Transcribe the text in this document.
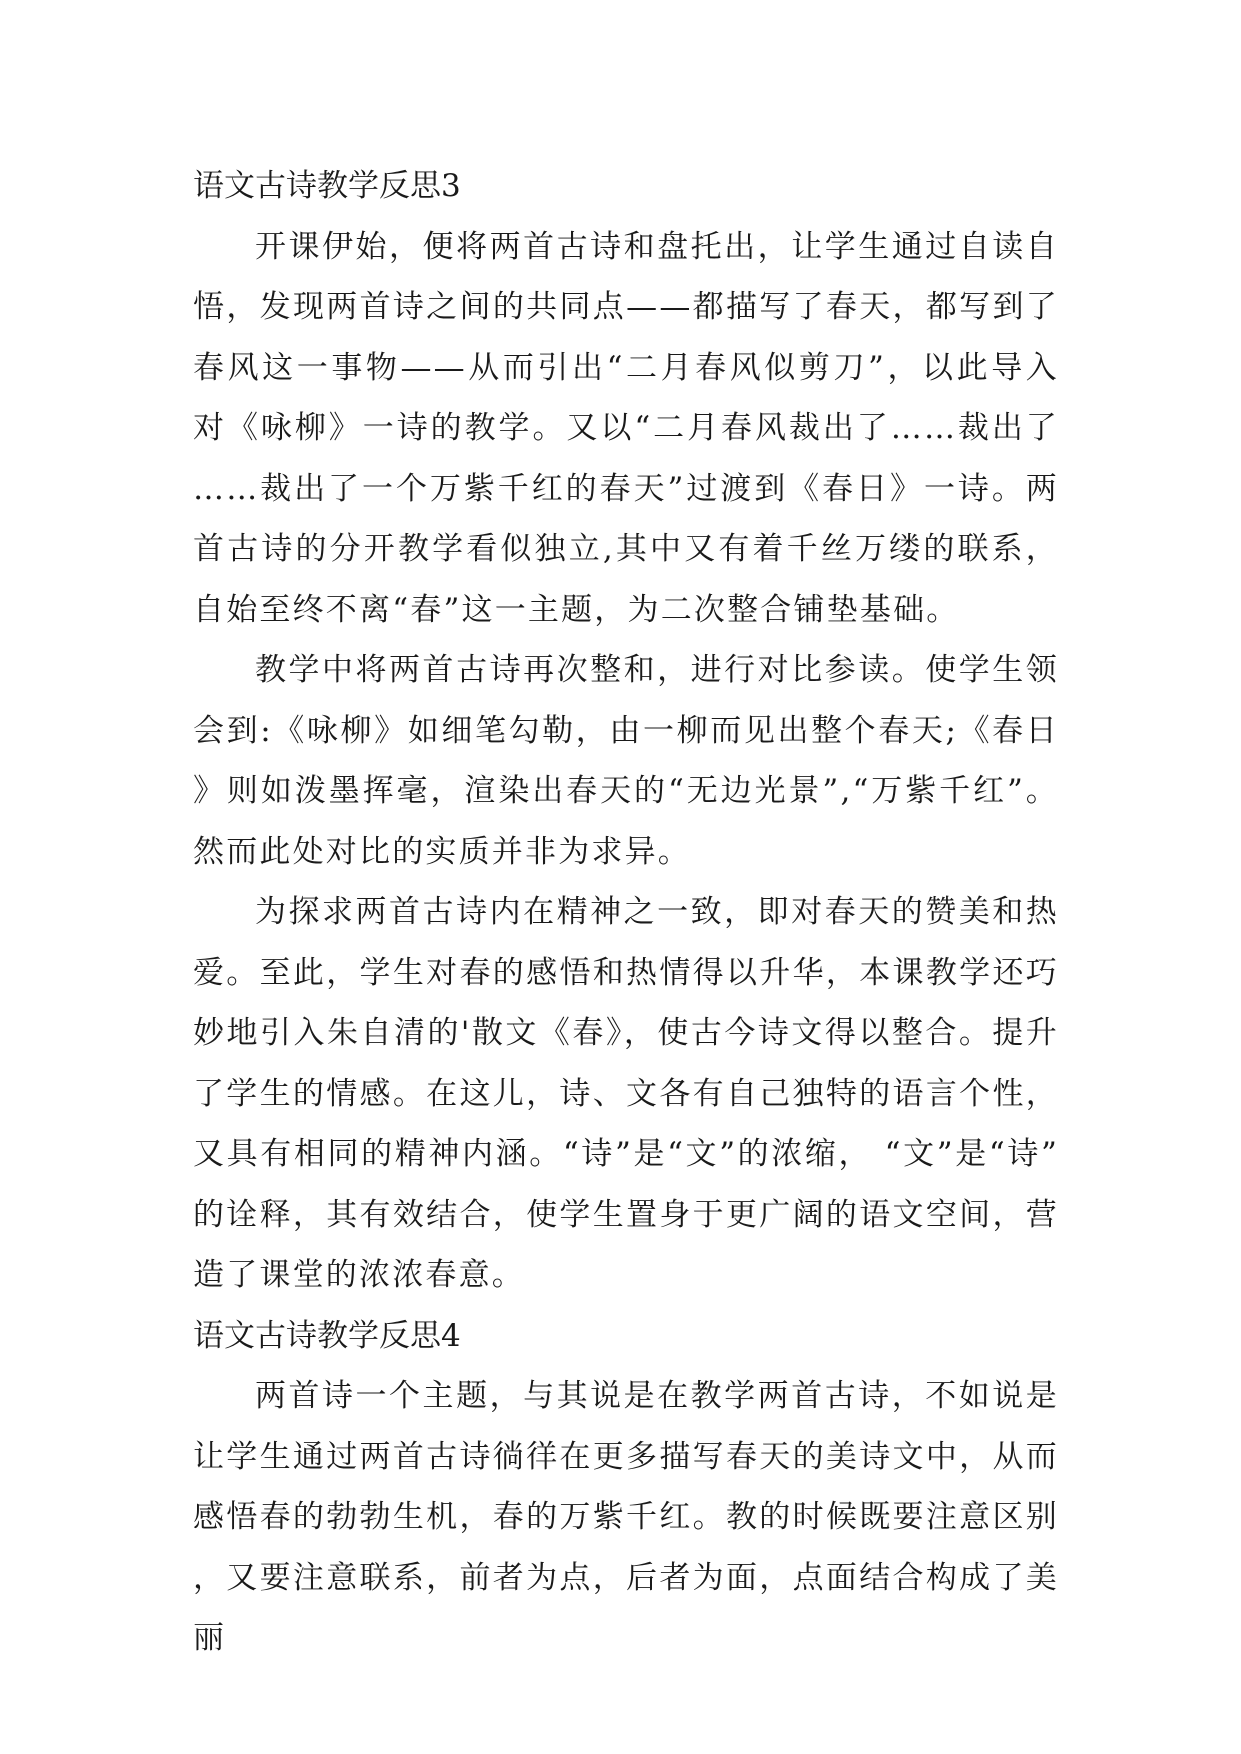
语文古诗教学反思3

开课伊始，便将两首古诗和盘托出，让学生通过自读自悟，发现两首诗之间的共同点——都描写了春天，都写到了春风这一事物——从而引出“二月春风似剪刀”，以此导入对《咏柳》一诗的教学。又以“二月春风裁出了……裁出了……裁出了一个万紫千红的春天”过渡到《春日》一诗。两首古诗的分开教学看似独立,其中又有着千丝万缕的联系，自始至终不离“春”这一主题，为二次整合铺垫基础。

教学中将两首古诗再次整和，进行对比参读。使学生领会到:《咏柳》如细笔勾勒，由一柳而见出整个春天;《春日》则如泼墨挥毫，渲染出春天的“无边光景”,“万紫千红”。然而此处对比的实质并非为求异。

为探求两首古诗内在精神之一致，即对春天的赞美和热爱。至此，学生对春的感悟和热情得以升华，本课教学还巧妙地引入朱自清的'散文《春》，使古今诗文得以整合。提升了学生的情感。在这儿，诗、文各有自己独特的语言个性，又具有相同的精神内涵。“诗”是“文”的浓缩， “文”是“诗”的诠释，其有效结合，使学生置身于更广阔的语文空间，营造了课堂的浓浓春意。

语文古诗教学反思4

两首诗一个主题，与其说是在教学两首古诗，不如说是让学生通过两首古诗徜徉在更多描写春天的美诗文中，从而感悟春的勃勃生机，春的万紫千红。教的时候既要注意区别，又要注意联系，前者为点，后者为面，点面结合构成了美丽
